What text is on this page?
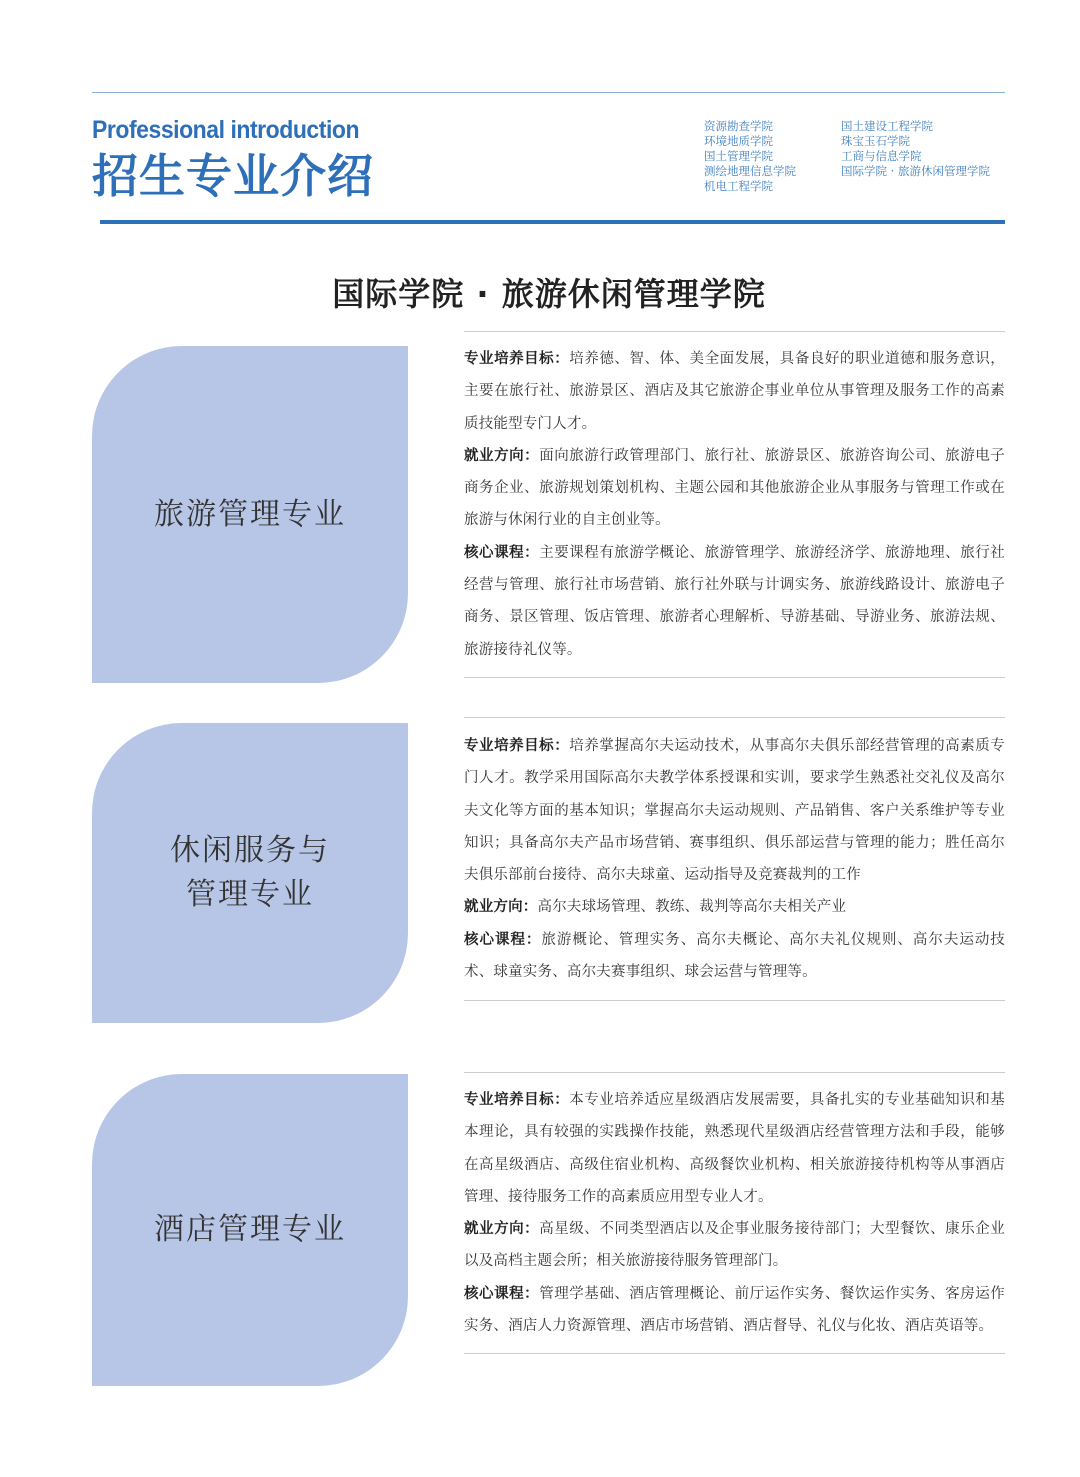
Professional introduction
招生专业介绍
资源勘查学院
环境地质学院
国土管理学院
测绘地理信息学院
机电工程学院
国土建设工程学院
珠宝玉石学院
工商与信息学院
国际学院 · 旅游休闲管理学院
国际学院 · 旅游休闲管理学院
旅游管理专业

专业培养目标：培养德、智、体、美全面发展，具备良好的职业道德和服务意识，主要在旅行社、旅游景区、酒店及其它旅游企事业单位从事管理及服务工作的高素质技能型专门人才。

就业方向：面向旅游行政管理部门、旅行社、旅游景区、旅游咨询公司、旅游电子商务企业、旅游规划策划机构、主题公园和其他旅游企业从事服务与管理工作或在旅游与休闲行业的自主创业等。

核心课程：主要课程有旅游学概论、旅游管理学、旅游经济学、旅游地理、旅行社经营与管理、旅行社市场营销、旅行社外联与计调实务、旅游线路设计、旅游电子商务、景区管理、饭店管理、旅游者心理解析、导游基础、导游业务、旅游法规、旅游接待礼仪等。

休闲服务与
管理专业

专业培养目标：培养掌握高尔夫运动技术，从事高尔夫俱乐部经营管理的高素质专门人才。教学采用国际高尔夫教学体系授课和实训，要求学生熟悉社交礼仪及高尔夫文化等方面的基本知识；掌握高尔夫运动规则、产品销售、客户关系维护等专业知识；具备高尔夫产品市场营销、赛事组织、俱乐部运营与管理的能力；胜任高尔夫俱乐部前台接待、高尔夫球童、运动指导及竞赛裁判的工作

就业方向：高尔夫球场管理、教练、裁判等高尔夫相关产业

核心课程：旅游概论、管理实务、高尔夫概论、高尔夫礼仪规则、高尔夫运动技术、球童实务、高尔夫赛事组织、球会运营与管理等。

酒店管理专业

专业培养目标：本专业培养适应星级酒店发展需要，具备扎实的专业基础知识和基本理论，具有较强的实践操作技能，熟悉现代星级酒店经营管理方法和手段，能够在高星级酒店、高级住宿业机构、高级餐饮业机构、相关旅游接待机构等从事酒店管理、接待服务工作的高素质应用型专业人才。

就业方向：高星级、不同类型酒店以及企事业服务接待部门；大型餐饮、康乐企业以及高档主题会所；相关旅游接待服务管理部门。

核心课程：管理学基础、酒店管理概论、前厅运作实务、餐饮运作实务、客房运作实务、酒店人力资源管理、酒店市场营销、酒店督导、礼仪与化妆、酒店英语等。
